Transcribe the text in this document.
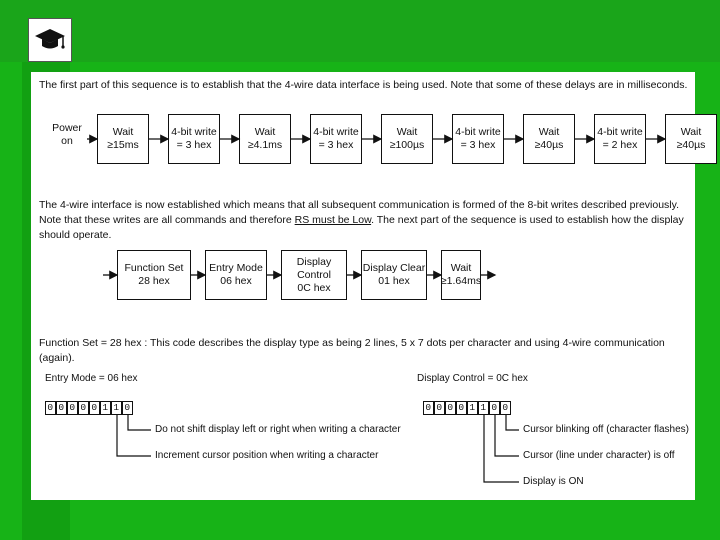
The first part of this sequence is to establish that the 4-wire data interface is being used. Note that some of these delays are in milliseconds.

Power
on
Wait
≥15ms
4-bit write
= 3 hex
Wait
≥4.1ms
4-bit write
= 3 hex
Wait
≥100µs
4-bit write
= 3 hex
Wait
≥40µs
4-bit write
= 2 hex
Wait
≥40µs

The 4-wire interface is now established which means that all subsequent communication is formed of the 8-bit writes described previously. Note that these writes are all commands and therefore RS must be Low. The next part of the sequence is used to establish how the display should operate.

Function Set
28 hex
Entry Mode
06 hex
Display Control
0C hex
Display Clear
01 hex
Wait
≥1.64ms

Function Set = 28 hex : This code describes the display type as being 2 lines, 5 x 7 dots per character and using 4-wire communication (again).

Entry Mode = 06 hex
0 0 0 0 0 1 1 0
Do not shift display left or right when writing a character
Increment cursor position when writing a character
Display Control = 0C hex
0 0 0 0 1 1 0 0
Cursor blinking off (character flashes)
Cursor (line under character) is off
Display is ON
